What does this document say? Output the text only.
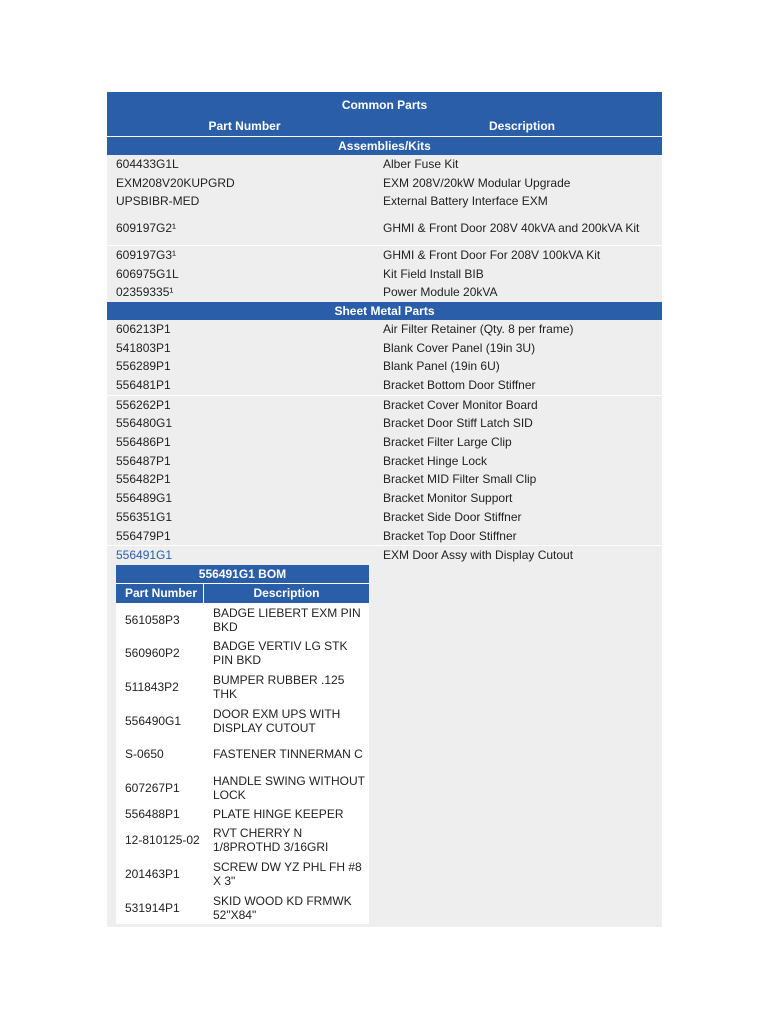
Common Parts
Part Number	Description
Assemblies/Kits
604433G1L	Alber Fuse Kit
EXM208V20KUPGRD	EXM 208V/20kW Modular Upgrade
UPSBIBR-MED	External Battery Interface EXM
609197G2¹	GHMI & Front Door 208V 40kVA and 200kVA Kit
609197G3¹	GHMI & Front Door For 208V 100kVA Kit
606975G1L	Kit Field Install BIB
02359335¹	Power Module 20kVA
Sheet Metal Parts
606213P1	Air Filter Retainer (Qty. 8 per frame)
541803P1	Blank Cover Panel (19in 3U)
556289P1	Blank Panel (19in 6U)
556481P1	Bracket Bottom Door Stiffner
556262P1	Bracket Cover Monitor Board
556480G1	Bracket Door Stiff Latch SID
556486P1	Bracket Filter Large Clip
556487P1	Bracket Hinge Lock
556482P1	Bracket MID Filter Small Clip
556489G1	Bracket Monitor Support
556351G1	Bracket Side Door Stiffner
556479P1	Bracket Top Door Stiffner
556491G1	EXM Door Assy with Display Cutout
556491G1 BOM
Part Number	Description
561058P3	BADGE LIEBERT EXM PIN BKD
560960P2	BADGE VERTIV LG STK PIN BKD
511843P2	BUMPER RUBBER .125 THK
556490G1	DOOR EXM UPS WITH DISPLAY CUTOUT
S-0650	FASTENER TINNERMAN C
607267P1	HANDLE SWING WITHOUT LOCK
556488P1	PLATE HINGE KEEPER
12-810125-02	RVT CHERRY N 1/8PROTHD 3/16GRI
201463P1	SCREW DW YZ PHL FH #8 X 3"
531914P1	SKID WOOD KD FRMWK 52"X84"
